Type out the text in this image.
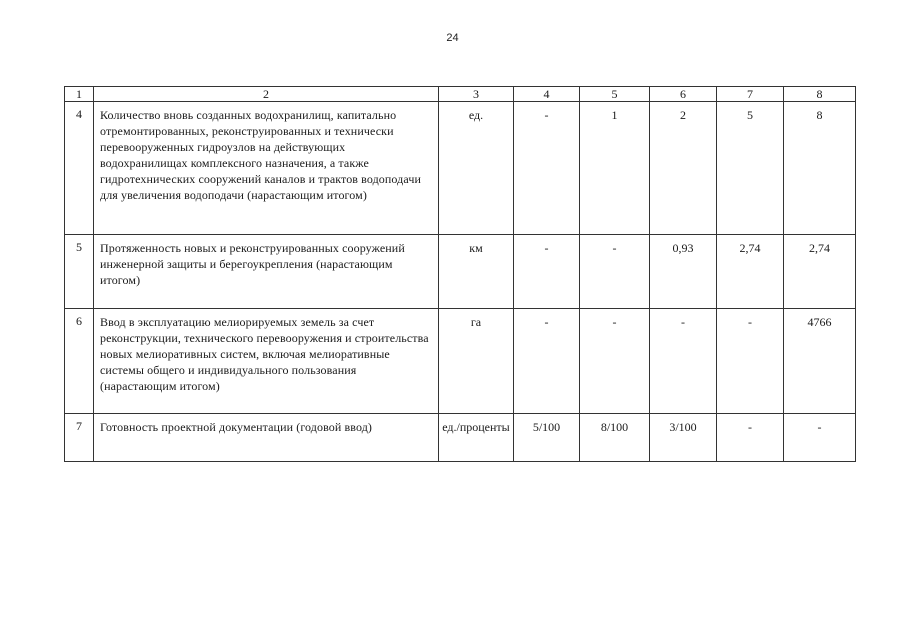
24
1	2	3	4	5	6	7	8
4	Количество вновь созданных водохранилищ, капитально отремонтированных, реконструированных и технически перевооруженных гидроузлов на действующих водохранилищах комплексного назначения, а также гидротехнических сооружений каналов и трактов водоподачи для увеличения водоподачи (нарастающим итогом)	ед.	-	1	2	5	8
5	Протяженность новых и реконструированных сооружений инженерной защиты и берегоукрепления (нарастающим итогом)	км	-	-	0,93	2,74	2,74
6	Ввод в эксплуатацию мелиорируемых земель за счет реконструкции, технического перевооружения и строительства новых мелиоративных систем, включая мелиоративные системы общего и индивидуального пользования (нарастающим итогом)	га	-	-	-	-	4766
7	Готовность проектной документации (годовой ввод)	ед./проценты	5/100	8/100	3/100	-	-
